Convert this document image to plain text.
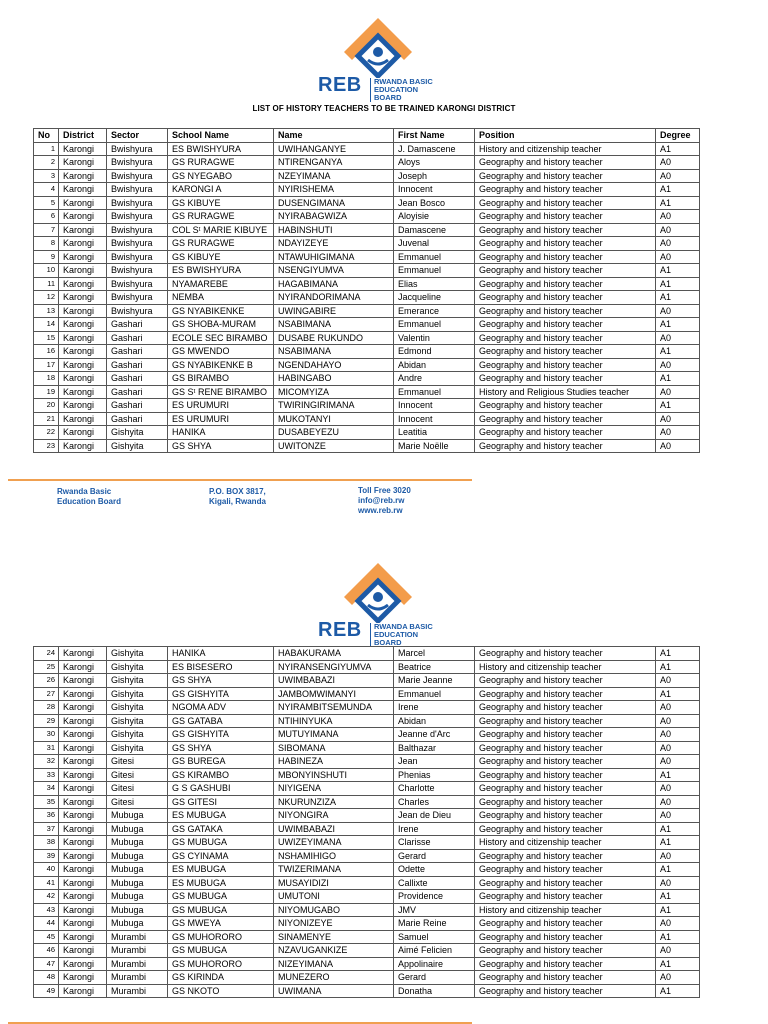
REB RWANDA BASIC
EDUCATION BOARD
LIST OF HISTORY TEACHERS TO BE TRAINED KARONGI DISTRICT
No	District	Sector	School Name	Name	First Name	Position	Degree
1	Karongi	Bwishyura	ES BWISHYURA	UWIHANGANYE	J. Damascene	History and citizenship teacher	A1
2	Karongi	Bwishyura	GS RURAGWE	NTIRENGANYA	Aloys	Geography and history teacher	A0
3	Karongi	Bwishyura	GS NYEGABO	NZEYIMANA	Joseph	Geography and history teacher	A0
4	Karongi	Bwishyura	KARONGI A	NYIRISHEMA	Innocent	Geography and history teacher	A1
5	Karongi	Bwishyura	GS KIBUYE	DUSENGIMANA	Jean Bosco	Geography and history teacher	A1
6	Karongi	Bwishyura	GS RURAGWE	NYIRABAGWIZA	Aloyisie	Geography and history teacher	A0
7	Karongi	Bwishyura	COL Sᵗ MARIE KIBUYE	HABINSHUTI	Damascene	Geography and history teacher	A0
8	Karongi	Bwishyura	GS RURAGWE	NDAYIZEYE	Juvenal	Geography and history teacher	A0
9	Karongi	Bwishyura	GS KIBUYE	NTAWUHIGIMANA	Emmanuel	Geography and history teacher	A0
10	Karongi	Bwishyura	ES BWISHYURA	NSENGIYUMVA	Emmanuel	Geography and history teacher	A1
11	Karongi	Bwishyura	NYAMAREBE	HAGABIMANA	Elias	Geography and history teacher	A1
12	Karongi	Bwishyura	NEMBA	NYIRANDORIMANA	Jacqueline	Geography and history teacher	A1
13	Karongi	Bwishyura	GS NYABIKENKE	UWINGABIRE	Emerance	Geography and history teacher	A0
14	Karongi	Gashari	GS SHOBA-MURAM	NSABIMANA	Emmanuel	Geography and history teacher	A1
15	Karongi	Gashari	ECOLE SEC BIRAMBO	DUSABE RUKUNDO	Valentin	Geography and history teacher	A0
16	Karongi	Gashari	GS MWENDO	NSABIMANA	Edmond	Geography and history teacher	A1
17	Karongi	Gashari	GS NYABIKENKE B	NGENDAHAYO	Abidan	Geography and history teacher	A0
18	Karongi	Gashari	GS BIRAMBO	HABINGABO	Andre	Geography and history teacher	A1
19	Karongi	Gashari	GS Sᵗ RENE BIRAMBO	MICOMYIZA	Emmanuel	History and Religious Studies teacher	A0
20	Karongi	Gashari	ES URUMURI	TWIRINGIRIMANA	Innocent	Geography and history teacher	A1
21	Karongi	Gashari	ES URUMURI	MUKOTANYI	Innocent	Geography and history teacher	A0
22	Karongi	Gishyita	HANIKA	DUSABEYEZU	Leatitia	Geography and history teacher	A0
23	Karongi	Gishyita	GS SHYA	UWITONZE	Marie Noëlle	Geography and history teacher	A0
Rwanda Basic
Education Board
P.O. BOX 3817,
Kigali, Rwanda
Toll Free 3020
info@reb.rw
www.reb.rw
REB RWANDA BASIC
EDUCATION BOARD
24	Karongi	Gishyita	HANIKA	HABAKURAMA	Marcel	Geography and history teacher	A1
25	Karongi	Gishyita	ES BISESERO	NYIRANSENGIYUMVA	Beatrice	History and citizenship teacher	A1
26	Karongi	Gishyita	GS SHYA	UWIMBABAZI	Marie Jeanne	Geography and history teacher	A0
27	Karongi	Gishyita	GS GISHYITA	JAMBOMWIMANYI	Emmanuel	Geography and history teacher	A1
28	Karongi	Gishyita	NGOMA ADV	NYIRAMBITSEMUNDA	Irene	Geography and history teacher	A0
29	Karongi	Gishyita	GS GATABA	NTIHINYUKA	Abidan	Geography and history teacher	A0
30	Karongi	Gishyita	GS GISHYITA	MUTUYIMANA	Jeanne d'Arc	Geography and history teacher	A0
31	Karongi	Gishyita	GS SHYA	SIBOMANA	Balthazar	Geography and history teacher	A0
32	Karongi	Gitesi	GS BUREGA	HABINEZA	Jean	Geography and history teacher	A0
33	Karongi	Gitesi	GS KIRAMBO	MBONYINSHUTI	Phenias	Geography and history teacher	A1
34	Karongi	Gitesi	G S GASHUBI	NIYIGENA	Charlotte	Geography and history teacher	A0
35	Karongi	Gitesi	GS GITESI	NKURUNZIZA	Charles	Geography and history teacher	A0
36	Karongi	Mubuga	ES MUBUGA	NIYONGIRA	Jean de Dieu	Geography and history teacher	A0
37	Karongi	Mubuga	GS GATAKA	UWIMBABAZI	Irene	Geography and history teacher	A1
38	Karongi	Mubuga	GS MUBUGA	UWIZEYIMANA	Clarisse	History and citizenship teacher	A1
39	Karongi	Mubuga	GS CYINAMA	NSHAMIHIGO	Gerard	Geography and history teacher	A0
40	Karongi	Mubuga	ES MUBUGA	TWIZERIMANA	Odette	Geography and history teacher	A1
41	Karongi	Mubuga	ES MUBUGA	MUSAYIDIZI	Callixte	Geography and history teacher	A0
42	Karongi	Mubuga	GS MUBUGA	UMUTONI	Providence	Geography and history teacher	A1
43	Karongi	Mubuga	GS MUBUGA	NIYOMUGABO	JMV	History and citizenship teacher	A1
44	Karongi	Mubuga	GS MWEYA	NIYONIZEYE	Marie Reine	Geography and history teacher	A0
45	Karongi	Murambi	GS MUHORORO	SINAMENYE	Samuel	Geography and history teacher	A1
46	Karongi	Murambi	GS MUBUGA	NZAVUGANKIZE	Aimé Felicien	Geography and history teacher	A0
47	Karongi	Murambi	GS MUHORORO	NIZEYIMANA	Appolinaire	Geography and history teacher	A1
48	Karongi	Murambi	GS KIRINDA	MUNEZERO	Gerard	Geography and history teacher	A0
49	Karongi	Murambi	GS NKOTO	UWIMANA	Donatha	Geography and history teacher	A1
